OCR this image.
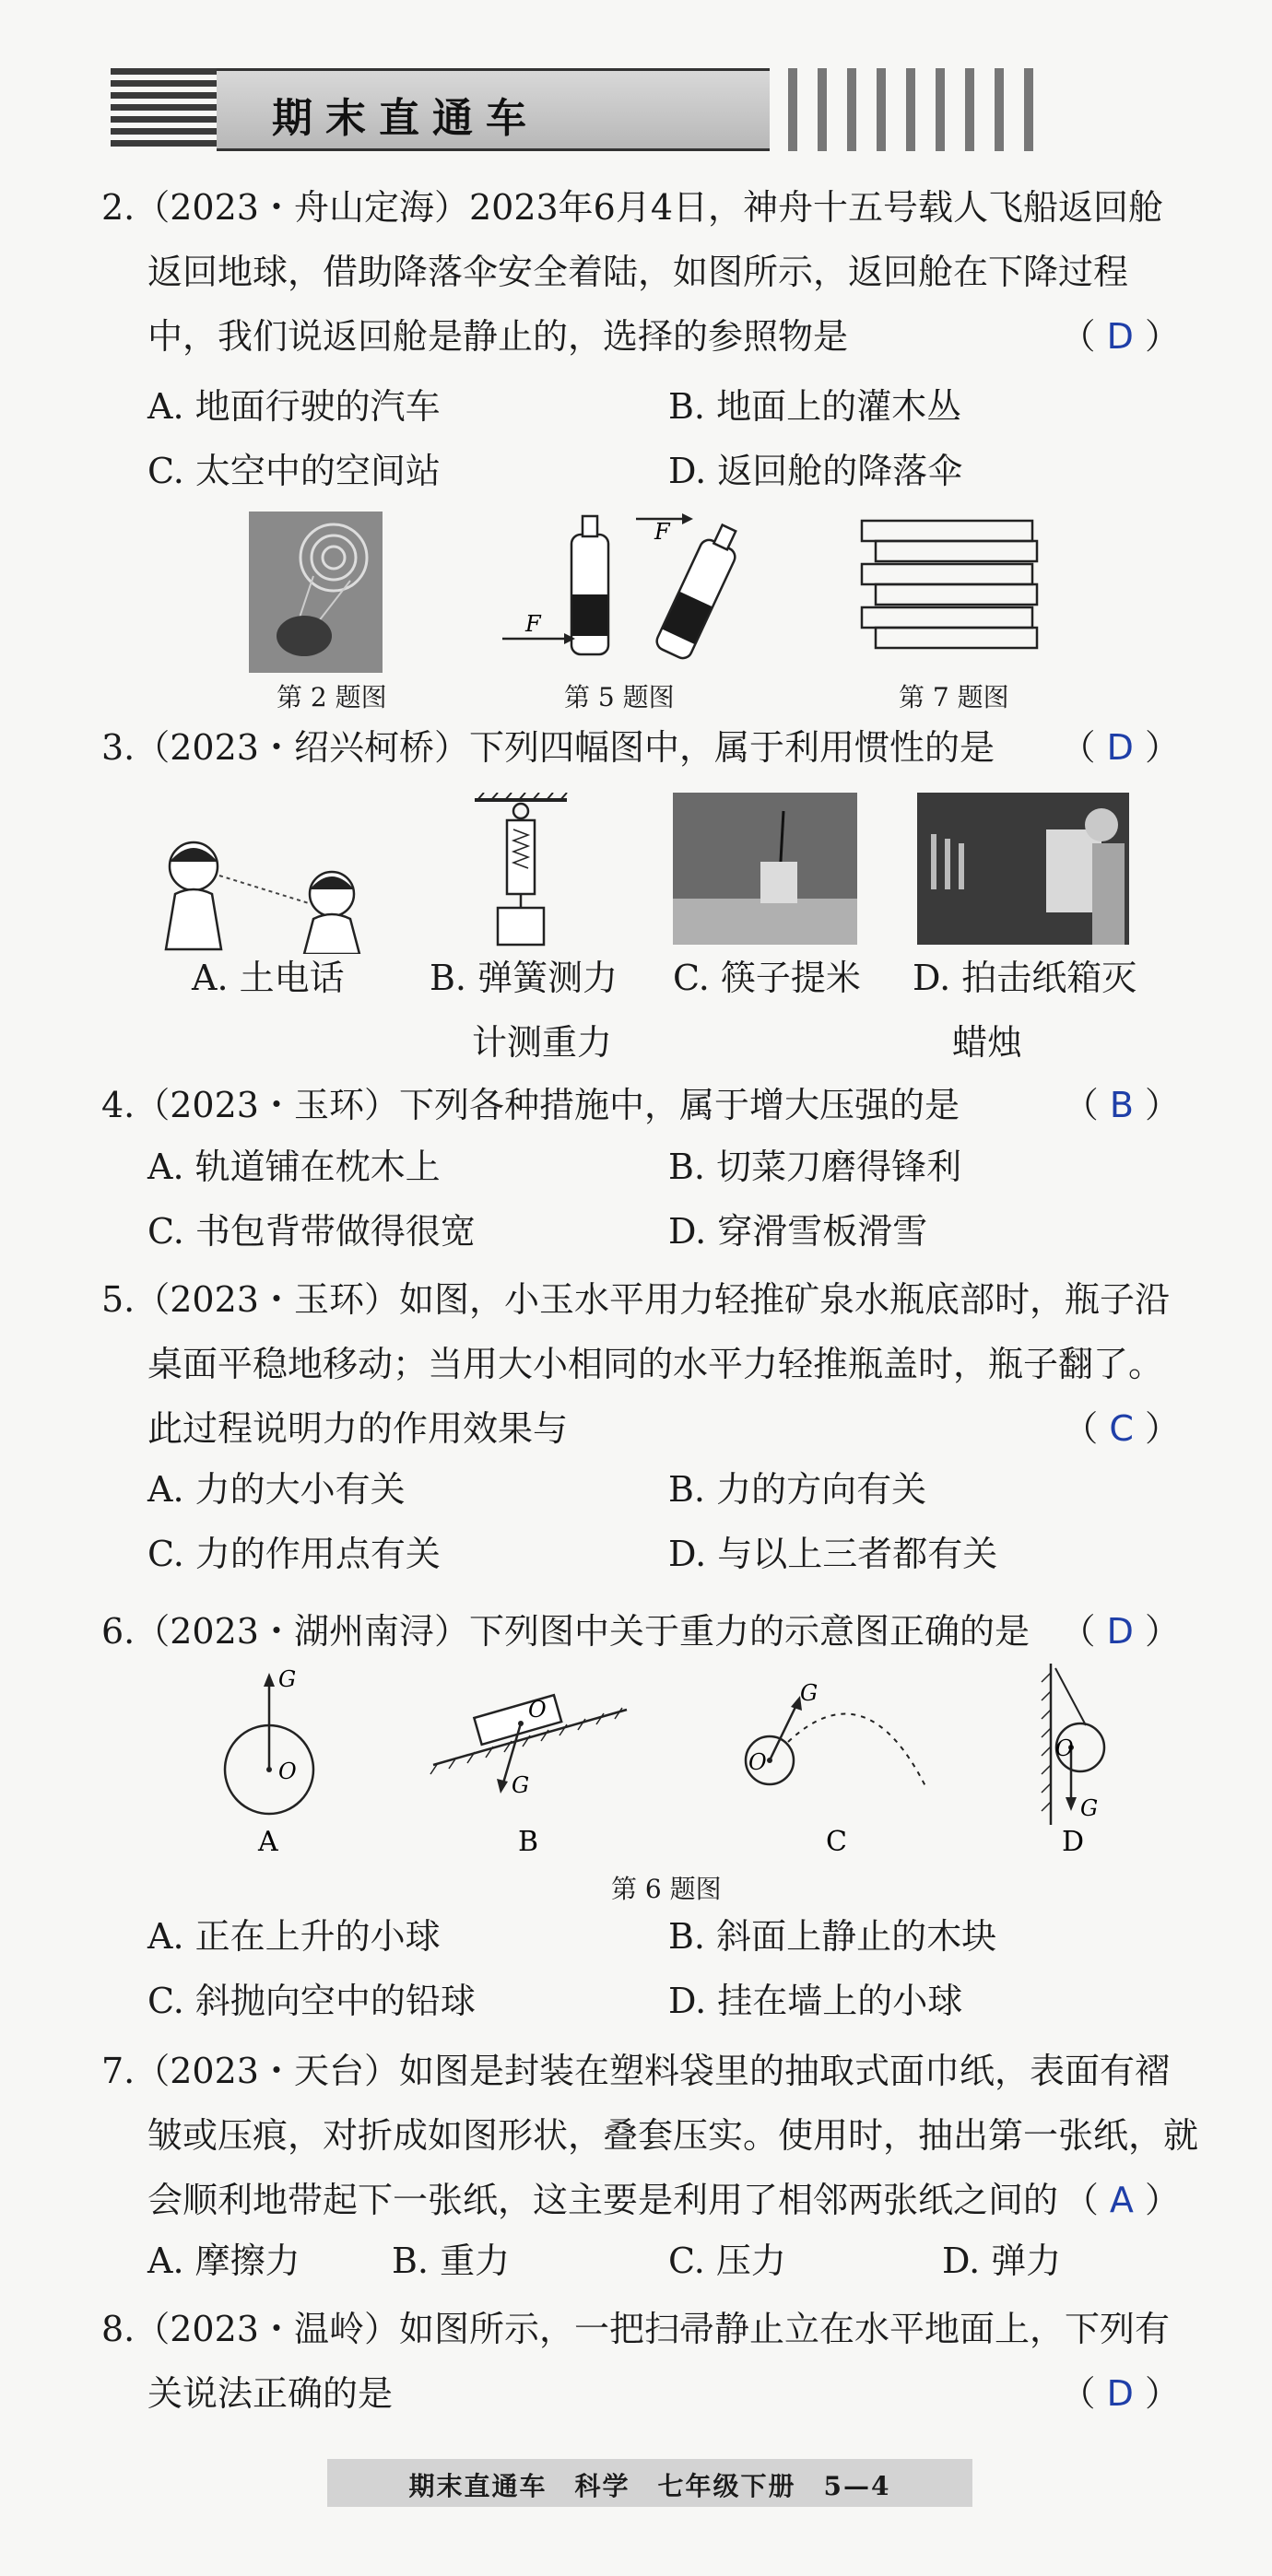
期末直通车
2.（2023・舟山定海）2023年6月4日，神舟十五号载人飞船返回舱
返回地球，借助降落伞安全着陆，如图所示，返回舱在下降过程
中，我们说返回舱是静止的，选择的参照物是	（ D ）
A. 地面行驶的汽车	B. 地面上的灌木丛
C. 太空中的空间站	D. 返回舱的降落伞
第 2 题图
F
F
第 5 题图	第 7 题图
3.（2023・绍兴柯桥）下列四幅图中，属于利用惯性的是 （ D ）
A. 土电话 B. 弹簧测力
计测重力
C. 筷子提米 D. 拍击纸箱灭
蜡烛
4.（2023・玉环）下列各种措施中，属于增大压强的是	（ B ）
A. 轨道铺在枕木上	B. 切菜刀磨得锋利
C. 书包背带做得很宽	D. 穿滑雪板滑雪
5.（2023・玉环）如图，小玉水平用力轻推矿泉水瓶底部时，瓶子沿
桌面平稳地移动；当用大小相同的水平力轻推瓶盖时，瓶子翻了。
此过程说明力的作用效果与	（ C ）
A. 力的大小有关	B. 力的方向有关
C. 力的作用点有关	D. 与以上三者都有关
6.（2023・湖州南浔）下列图中关于重力的示意图正确的是 （ D ）
G
O
A
O
G
B
G
O
C
O
G
D
第 6 题图
A. 正在上升的小球	B. 斜面上静止的木块
C. 斜抛向空中的铅球	D. 挂在墙上的小球
7.（2023・天台）如图是封装在塑料袋里的抽取式面巾纸，表面有褶
皱或压痕，对折成如图形状，叠套压实。使用时，抽出第一张纸，就
会顺利地带起下一张纸，这主要是利用了相邻两张纸之间的 （ A ）
A. 摩擦力	B. 重力	C. 压力	D. 弹力
8.（2023・温岭）如图所示，一把扫帚静止立在水平地面上，下列有
关说法正确的是	（ D ）
期末直通车　科学　七年级下册　5—4
